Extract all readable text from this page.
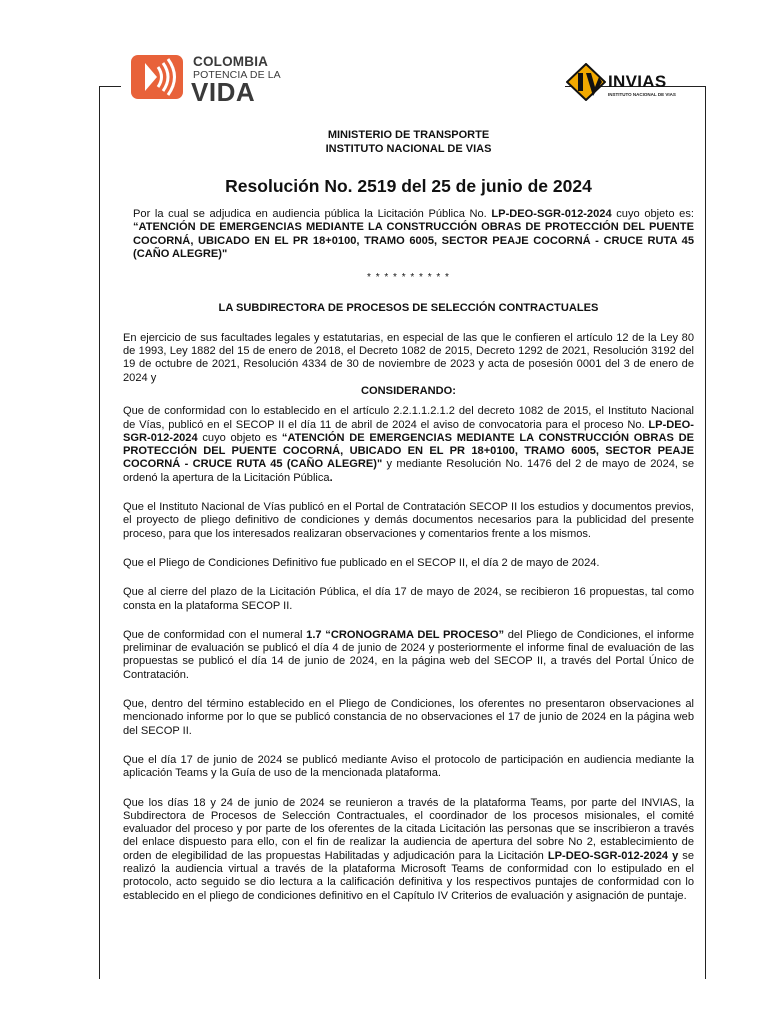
COLOMBIA
POTENCIA DE LA
VIDA	INVIAS
INSTITUTO NACIONAL DE VIAS
MINISTERIO DE TRANSPORTE
INSTITUTO NACIONAL DE VIAS
Resolución No. 2519 del 25 de junio de 2024

Por la cual se adjudica en audiencia pública la Licitación Pública No. LP-DEO-SGR-012-2024 cuyo objeto es: “ATENCIÓN DE EMERGENCIAS MEDIANTE LA CONSTRUCCIÓN OBRAS DE PROTECCIÓN DEL PUENTE COCORNÁ, UBICADO EN EL PR 18+0100, TRAMO 6005, SECTOR PEAJE COCORNÁ - CRUCE RUTA 45 (CAÑO ALEGRE)"

* * * * * * * * * *
LA SUBDIRECTORA DE PROCESOS DE SELECCIÓN CONTRACTUALES

En ejercicio de sus facultades legales y estatutarias, en especial de las que le confieren el artículo 12 de la Ley 80 de 1993, Ley 1882 del 15 de enero de 2018, el Decreto 1082 de 2015, Decreto 1292 de 2021, Resolución 3192 del 19 de octubre de 2021, Resolución 4334 de 30 de noviembre de 2023 y acta de posesión 0001 del 3 de enero de 2024 y

CONSIDERANDO:

Que de conformidad con lo establecido en el artículo 2.2.1.1.2.1.2 del decreto 1082 de 2015, el Instituto Nacional de Vías, publicó en el SECOP II el día 11 de abril de 2024 el aviso de convocatoria para el proceso No. LP-DEO-SGR-012-2024 cuyo objeto es “ATENCIÓN DE EMERGENCIAS MEDIANTE LA CONSTRUCCIÓN OBRAS DE PROTECCIÓN DEL PUENTE COCORNÁ, UBICADO EN EL PR 18+0100, TRAMO 6005, SECTOR PEAJE COCORNÁ - CRUCE RUTA 45 (CAÑO ALEGRE)" y mediante Resolución No. 1476 del 2 de mayo de 2024, se ordenó la apertura de la Licitación Pública.

Que el Instituto Nacional de Vías publicó en el Portal de Contratación SECOP II los estudios y documentos previos, el proyecto de pliego definitivo de condiciones y demás documentos necesarios para la publicidad del presente proceso, para que los interesados realizaran observaciones y comentarios frente a los mismos.

Que el Pliego de Condiciones Definitivo fue publicado en el SECOP II, el día 2 de mayo de 2024.

Que al cierre del plazo de la Licitación Pública, el día 17 de mayo de 2024, se recibieron 16 propuestas, tal como consta en la plataforma SECOP II.

Que de conformidad con el numeral 1.7 “CRONOGRAMA DEL PROCESO” del Pliego de Condiciones, el informe preliminar de evaluación se publicó el día 4 de junio de 2024 y posteriormente el informe final de evaluación de las propuestas se publicó el día 14 de junio de 2024, en la página web del SECOP II, a través del Portal Único de Contratación.

Que, dentro del término establecido en el Pliego de Condiciones, los oferentes no presentaron observaciones al mencionado informe por lo que se publicó constancia de no observaciones el 17 de junio de 2024 en la página web del SECOP II.

Que el día 17 de junio de 2024 se publicó mediante Aviso el protocolo de participación en audiencia mediante la aplicación Teams y la Guía de uso de la mencionada plataforma.

Que los días 18 y 24 de junio de 2024 se reunieron a través de la plataforma Teams, por parte del INVIAS, la Subdirectora de Procesos de Selección Contractuales, el coordinador de los procesos misionales, el comité evaluador del proceso y por parte de los oferentes de la citada Licitación las personas que se inscribieron a través del enlace dispuesto para ello, con el fin de realizar la audiencia de apertura del sobre No 2, establecimiento de orden de elegibilidad de las propuestas Habilitadas y adjudicación para la Licitación LP-DEO-SGR-012-2024 y se realizó la audiencia virtual a través de la plataforma Microsoft Teams de conformidad con lo estipulado en el protocolo, acto seguido se dio lectura a la calificación definitiva y los respectivos puntajes de conformidad con lo establecido en el pliego de condiciones definitivo en el Capítulo IV Criterios de evaluación y asignación de puntaje.
